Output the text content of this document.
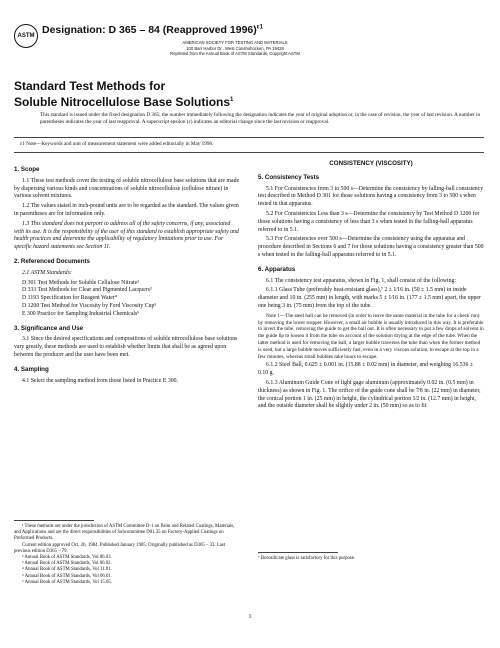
ASTM Designation: D 365 – 84 (Reapproved 1996)$^{\varepsilon 1}$
AMERICAN SOCIETY FOR TESTING AND MATERIALS
100 Barr Harbor Dr., West Conshohocken, PA 19428
Reprinted from the Annual Book of ASTM Standards, Copyright ASTM
Standard Test Methods for
Soluble Nitrocellulose Base Solutions$^1$
This standard is issued under the fixed designation D 365; the number immediately following the designation indicates the year of original adoption or, in the case of revision, the year of last revision. A number in parentheses indicates the year of last reapproval. A superscript epsilon (ε) indicates an editorial change since the last revision or reapproval.
ε1 Note—Keywords and unit of measurement statement were added editorially in May 1996.
1. Scope

1.1 These test methods cover the testing of soluble nitrocellulose base solutions that are made by dispersing various kinds and concentrations of soluble nitrocellulose (cellulose nitrate) in various solvent mixtures.

1.2 The values stated in inch-pound units are to be regarded as the standard. The values given in parentheses are for information only.

1.3 This standard does not purport to address all of the safety concerns, if any, associated with its use. It is the responsibility of the user of this standard to establish appropriate safety and health practices and determine the applicability of regulatory limitations prior to use. For specific hazard statements see Section 11.

2. Referenced Documents

2.1 ASTM Standards:

D 301 Test Methods for Soluble Cellulose Nitrate²

D 333 Test Methods for Clear and Pigmented Lacquers³

D 1193 Specification for Reagent Water⁴

D 1200 Test Method for Viscosity by Ford Viscosity Cup⁵

E 300 Practice for Sampling Industrial Chemicals⁶

3. Significance and Use

3.1 Since the desired specifications and compositions of soluble nitrocellulose base solutions vary greatly, these methods are used to establish whether limits that shall be as agreed upon between the producer and the user have been met.

4. Sampling

4.1 Select the sampling method from those listed in Practice E 300.

¹ These methods are under the jurisdiction of ASTM Committee D-1 on Paint and Related Coatings, Materials, and Applications and are the direct responsibilities of Subcommittee D01.35 on Factory-Applied Coatings on Preformed Products.

Current edition approved Oct. 26, 1984. Published January 1985. Originally published as D365 – 33. Last previous edition D365 – 79.

² Annual Book of ASTM Standards, Vol 06.03.

³ Annual Book of ASTM Standards, Vol 06.02.

⁴ Annual Book of ASTM Standards, Vol 11.01.

⁵ Annual Book of ASTM Standards, Vol 06.01.

⁶ Annual Book of ASTM Standards, Vol 15.05.

CONSISTENCY (VISCOSITY)
5. Consistency Tests

5.1 For Consistencies from 3 to 500 s—Determine the consistency by falling-ball consistency test described in Method D 301 for those solutions having a consistency from 3 to 500 s when tested in that apparatus.

5.2 For Consistencies Less than 3 s—Determine the consistency by Test Method D 1200 for those solutions having a consistency of less than 3 s when tested in the falling-ball apparatus referred to in 5.1.

5.3 For Consistencies over 500 s—Determine the consistency using the apparatus and procedure described in Sections 6 and 7 for those solutions having a consistency greater than 500 s when tested in the falling-ball apparatus referred to in 5.1.

6. Apparatus

6.1 The consistency test apparatus, shown in Fig. 1, shall consist of the following:

6.1.1 Glass Tube (preferably heat-resistant glass),⁷ 2 ± 1⁄16 in. (50 ± 1.5 mm) in inside diameter and 10 in. (255 mm) in length, with marks 5 ± 1⁄16 in. (177 ± 1.5 mm) apart, the upper one being 3 in. (75 mm) from the top of the tube.

Note 1—The steel ball can be removed (in order to leave the same material in the tube for a check run) by removing the lower stopper. However, a small air bubble is usually introduced in this way. It is preferable to invert the tube, removing the guide to get the ball out. It is often necessary to put a few drops of solvent in the guide lip to loosen it from the tube on account of the solution drying at the edge of the tube. When the latter method is used for removing the ball, a larger bubble traverses the tube than when the former method is used, but a large bubble moves sufficiently fast, even in a very viscous solution, to escape at the top in a few minutes, whereas small bubbles take hours to escape.

6.1.2 Steel Ball, 0.625 ± 0.001 in. (15.88 ± 0.02 mm) in diameter, and weighing 16.536 ± 0.10 g.

6.1.3 Aluminum Guide Cone of light gage aluminum (approximately 0.02 in. (0.5 mm) in thickness) as shown in Fig. 1. The orifice of the guide cone shall be 7⁄8 in. (22 mm) in diameter, the conical portion 1 in. (25 mm) in height, the cylindrical portion 1⁄2 in. (12.7 mm) in height, and the outside diameter shall be slightly under 2 in. (50 mm) so as to fit

⁷ Borosilicate glass is satisfactory for this purpose.
1
